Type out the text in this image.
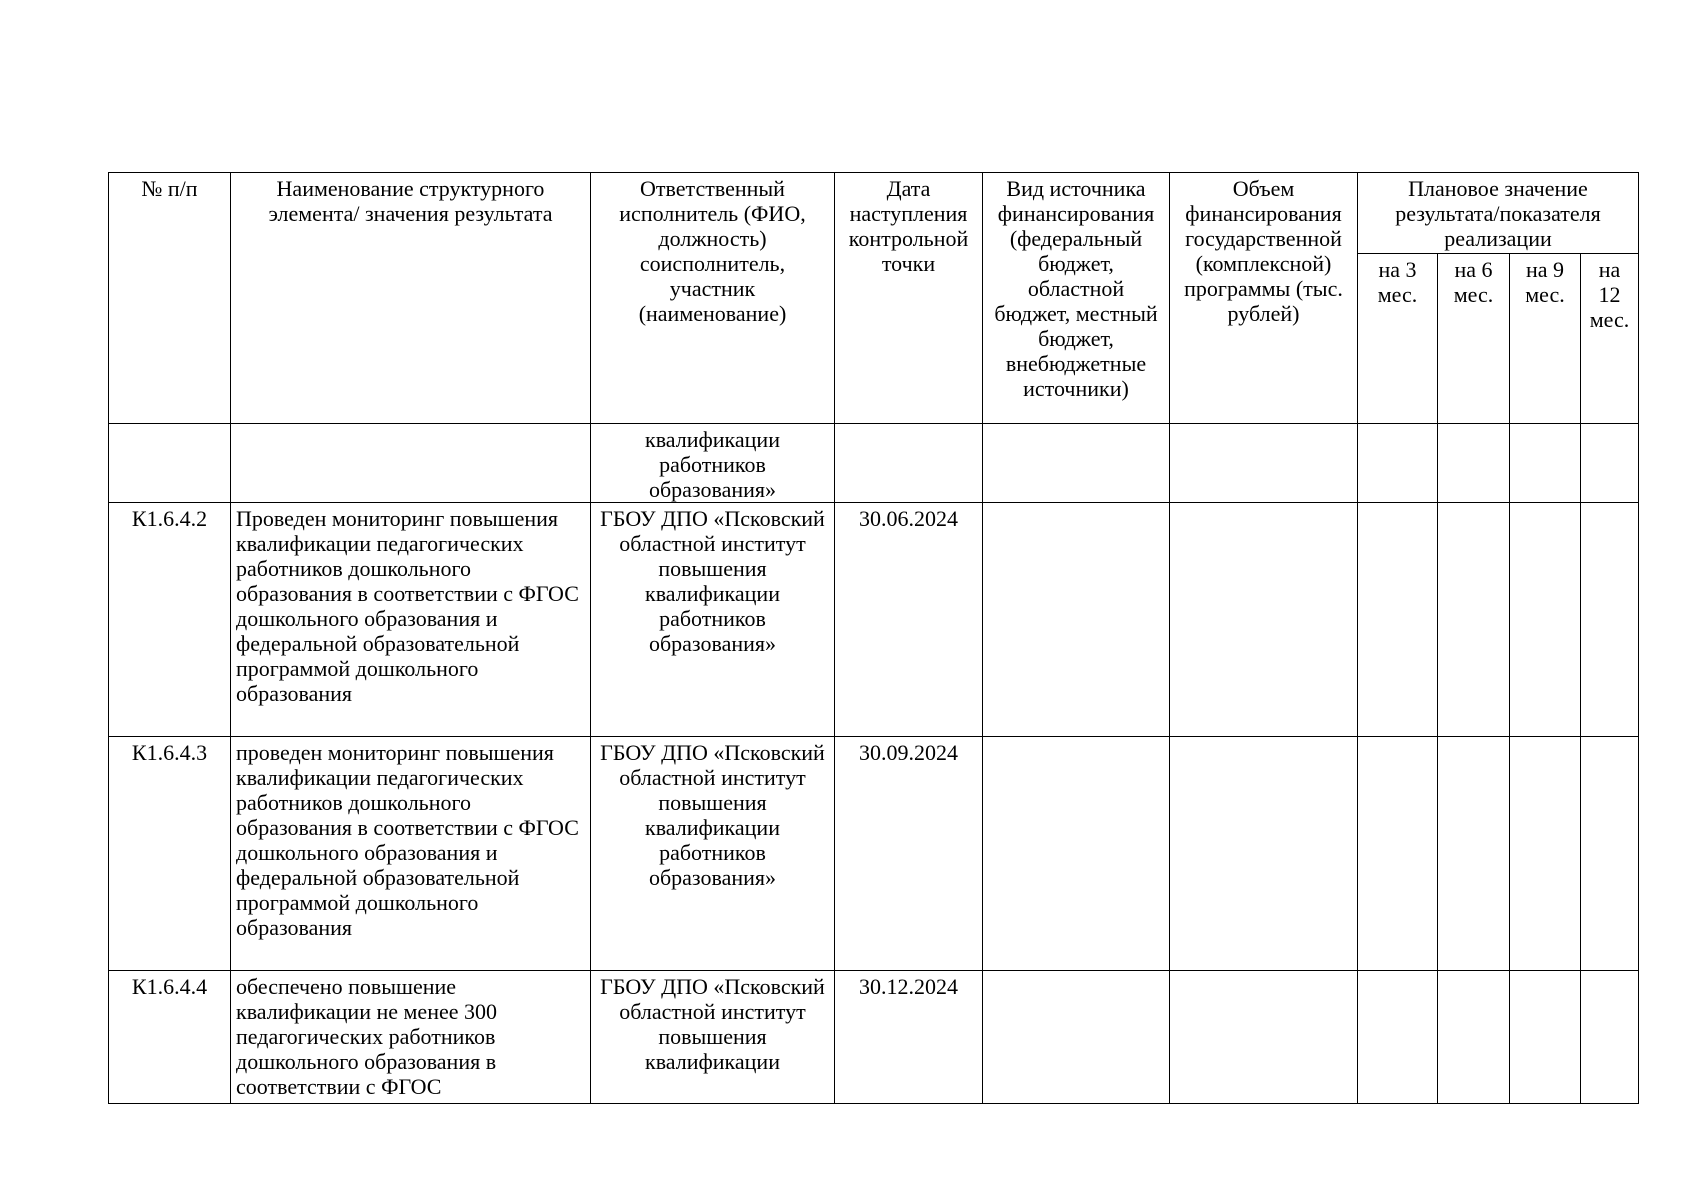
№ п/п	Наименование структурного элемента/ значения результата	Ответственный исполнитель (ФИО, должность) соисполнитель, участник (наименование)	Дата наступления контрольной точки	Вид источника финансирования (федеральный бюджет, областной бюджет, местный бюджет, внебюджетные источники)	Объем финансирования государственной (комплексной) программы (тыс. рублей)	Плановое значение результата/показателя реализации			
						на 3 мес.	на 6 мес.	на 9 мес.	на 12 мес.
		квалификации работников образования»							
К1.6.4.2	Проведен мониторинг повышения квалификации педагогических работников дошкольного образования в соответствии с ФГОС дошкольного образования и федеральной образовательной программой дошкольного образования	ГБОУ ДПО «Псковский областной институт повышения квалификации работников образования»	30.06.2024						
К1.6.4.3	проведен мониторинг повышения квалификации педагогических работников дошкольного образования в соответствии с ФГОС дошкольного образования и федеральной образовательной программой дошкольного образования	ГБОУ ДПО «Псковский областной институт повышения квалификации работников образования»	30.09.2024						
К1.6.4.4	обеспечено повышение квалификации не менее 300 педагогических работников дошкольного образования в соответствии с ФГОС	ГБОУ ДПО «Псковский областной институт повышения квалификации	30.12.2024						
